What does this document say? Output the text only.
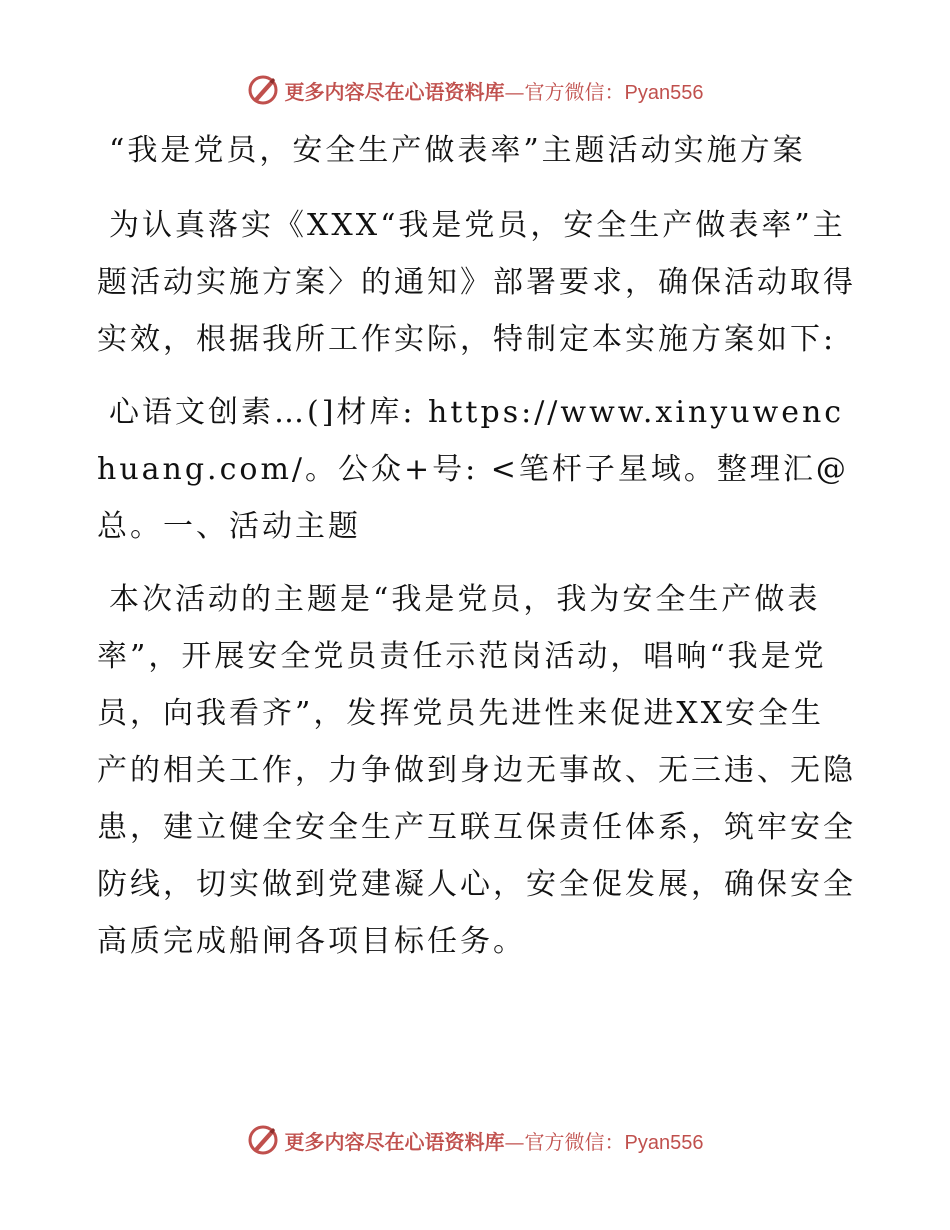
更多内容尽在心语资料库—官方微信：Pyan556

“我是党员，安全生产做表率”主题活动实施方案

为认真落实《XXX“我是党员，安全生产做表率”主题活动实施方案〉的通知》部署要求，确保活动取得实效，根据我所工作实际，特制定本实施方案如下:

心语文创素…(]材库: https://www.xinyuwenchuang.com/。公众+号: <笔杆子星域。整理汇@总。一、活动主题

本次活动的主题是“我是党员，我为安全生产做表率”，开展安全党员责任示范岗活动，唱响“我是党员，向我看齐”，发挥党员先进性来促进XX安全生产的相关工作，力争做到身边无事故、无三违、无隐患，建立健全安全生产互联互保责任体系，筑牢安全防线，切实做到党建凝人心，安全促发展，确保安全高质完成船闸各项目标任务。

更多内容尽在心语资料库—官方微信：Pyan556
